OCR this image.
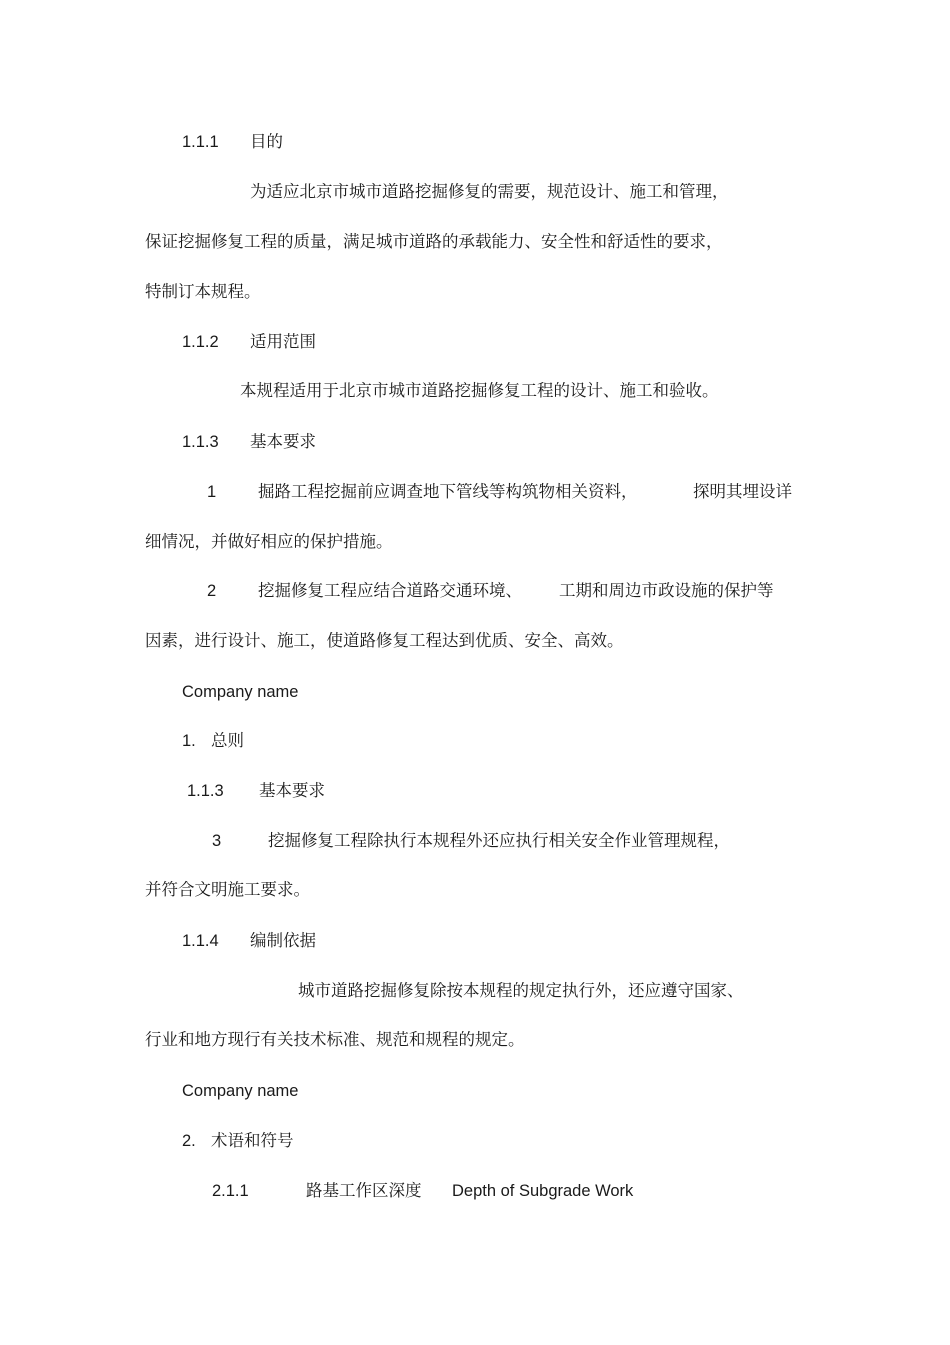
1.1.1 目的
为适应北京市城市道路挖掘修复的需要，规范设计、施工和管理，
保证挖掘修复工程的质量，满足城市道路的承载能力、安全性和舒适性的要求，
特制订本规程。
1.1.2 适用范围
本规程适用于北京市城市道路挖掘修复工程的设计、施工和验收。
1.1.3 基本要求
1	掘路工程挖掘前应调查地下管线等构筑物相关资料，	探明其埋设详
细情况，并做好相应的保护措施。
2	挖掘修复工程应结合道路交通环境、 工期和周边市政设施的保护等
因素，进行设计、施工，使道路修复工程达到优质、安全、高效。
Company name
1. 总则
1.1.3 基本要求
3	挖掘修复工程除执行本规程外还应执行相关安全作业管理规程，
并符合文明施工要求。
1.1.4 编制依据
城市道路挖掘修复除按本规程的规定执行外，还应遵守国家、
行业和地方现行有关技术标准、规范和规程的规定。
Company name
2. 术语和符号
2.1.1	路基工作区深度 Depth of Subgrade Work
